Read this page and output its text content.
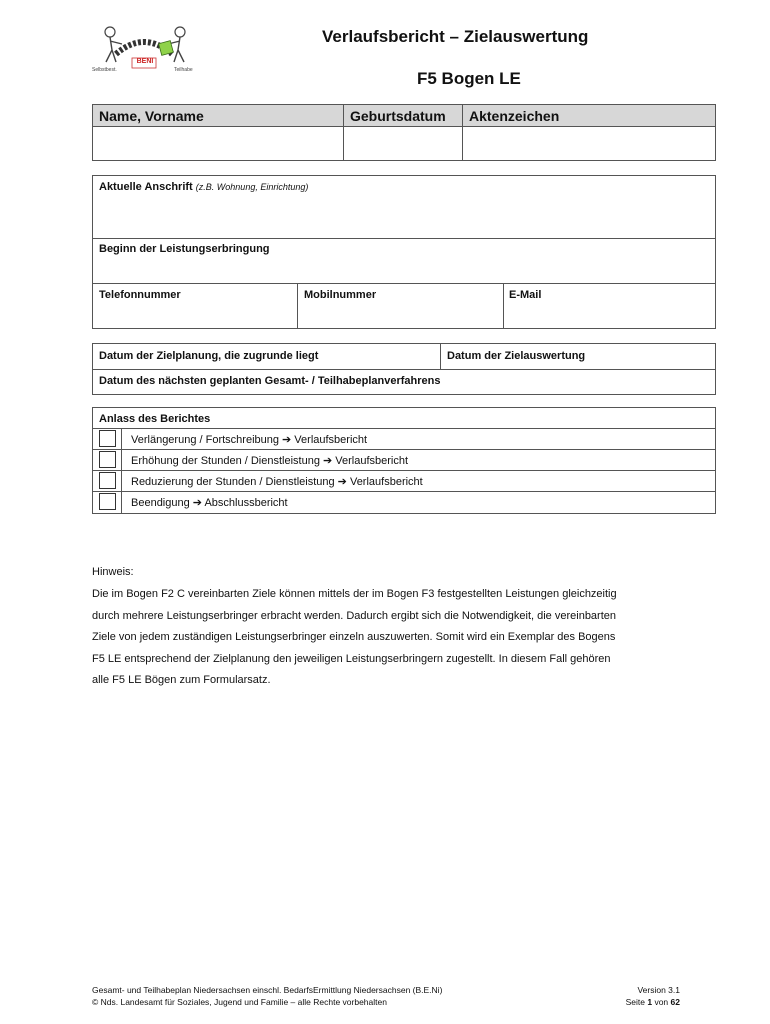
BENI
Selbstbest.	Teilhabe
Verlaufsbericht – Zielauswertung
F5 Bogen LE
Name, Vorname	Geburtsdatum	Aktenzeichen
Aktuelle Anschrift (z.B. Wohnung, Einrichtung)
Beginn der Leistungserbringung
Telefonnummer	Mobilnummer	E-Mail
Datum der Zielplanung, die zugrunde liegt	Datum der Zielauswertung
Datum des nächsten geplanten Gesamt- / Teilhabeplanverfahrens
Anlass des Berichtes
Verlängerung / Fortschreibung ➔ Verlaufsbericht
Erhöhung der Stunden / Dienstleistung ➔ Verlaufsbericht
Reduzierung der Stunden / Dienstleistung ➔ Verlaufsbericht
Beendigung ➔ Abschlussbericht
Hinweis:
Die im Bogen F2 C vereinbarten Ziele können mittels der im Bogen F3 festgestellten Leistungen gleichzeitig
durch mehrere Leistungserbringer erbracht werden. Dadurch ergibt sich die Notwendigkeit, die vereinbarten
Ziele von jedem zuständigen Leistungserbringer einzeln auszuwerten. Somit wird ein Exemplar des Bogens
F5 LE entsprechend der Zielplanung den jeweiligen Leistungserbringern zugestellt. In diesem Fall gehören
alle F5 LE Bögen zum Formularsatz.
Gesamt- und Teilhabeplan Niedersachsen einschl. BedarfsErmittlung Niedersachsen (B.E.Ni)
© Nds. Landesamt für Soziales, Jugend und Familie – alle Rechte vorbehalten
Version 3.1
Seite 1 von 62
